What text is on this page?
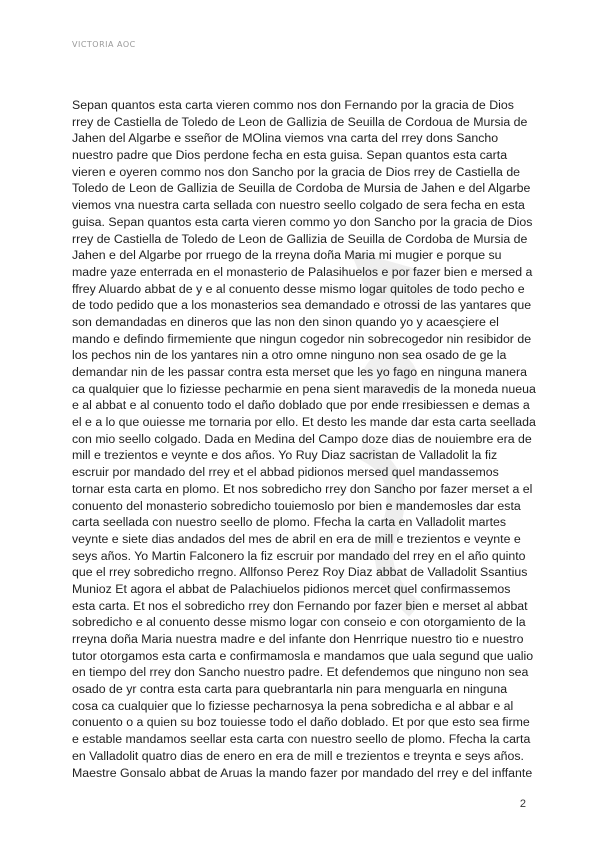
VICTORIA AOC
Sepan quantos esta carta vieren commo nos don Fernando por la gracia de Dios
rrey de Castiella de Toledo de Leon de Gallizia de Seuilla de Cordoua de Mursia de
Jahen del Algarbe e sseñor de MOlina viemos vna carta del rrey dons Sancho
nuestro padre que Dios perdone fecha en esta guisa. Sepan quantos esta carta
vieren e oyeren commo nos don Sancho por la gracia de Dios rrey de Castiella de
Toledo de Leon de Gallizia de Seuilla de Cordoba de Mursia de Jahen e del Algarbe
viemos vna nuestra carta sellada con nuestro seello colgado de sera fecha en esta
guisa. Sepan quantos esta carta vieren commo yo don Sancho por la gracia de Dios
rrey de Castiella de Toledo de Leon de Gallizia de Seuilla de Cordoba de Mursia de
Jahen e del Algarbe por rruego de la rreyna doña Maria mi mugier e porque su
madre yaze enterrada en el monasterio de Palasihuelos e por fazer bien e mersed a
ffrey Aluardo abbat de y e al conuento desse mismo logar quitoles de todo pecho e
de todo pedido que a los monasterios sea demandado e otrossi de las yantares que
son demandadas en dineros que las non den sinon quando yo y acaesçiere el
mando e defindo firmemiente que ningun cogedor nin sobrecogedor nin resibidor de
los pechos nin de los yantares nin a otro omne ninguno non sea osado de ge la
demandar nin de les passar contra esta merset que les yo fago en ninguna manera
ca qualquier que lo fiziesse pecharmie en pena sient maravedis de la moneda nueua
e al abbat e al conuento todo el daño doblado que por ende rresibiessen e demas a
el e a lo que ouiesse me tornaria por ello. Et desto les mande dar esta carta seellada
con mio seello colgado. Dada en Medina del Campo doze dias de nouiembre era de
mill e trezientos e veynte e dos años. Yo Ruy Diaz sacristan de Valladolit la fiz
escruir por mandado del rrey et el abbad pidionos mersed quel mandassemos
tornar esta carta en plomo. Et nos sobredicho rrey don Sancho por fazer merset a el
conuento del monasterio sobredicho touiemoslo por bien e mandemosles dar esta
carta seellada con nuestro seello de plomo. Ffecha la carta en Valladolit martes
veynte e siete dias andados del mes de abril en era de mill e trezientos e veynte e
seys años. Yo Martin Falconero la fiz escruir por mandado del rrey en el año quinto
que el rrey sobredicho rregno. Allfonso Perez Roy Diaz abbat de Valladolit Ssantius
Munioz Et agora el abbat de Palachiuelos pidionos mercet quel confirmassemos
esta carta. Et nos el sobredicho rrey don Fernando por fazer bien e merset al abbat
sobredicho e al conuento desse mismo logar con conseio e con otorgamiento de la
rreyna doña Maria nuestra madre e del infante don Henrrique nuestro tio e nuestro
tutor otorgamos esta carta e confirmamosla e mandamos que uala segund que ualio
en tiempo del rrey don Sancho nuestro padre. Et defendemos que ninguno non sea
osado de yr contra esta carta para quebrantarla nin para menguarla en ninguna
cosa ca cualquier que lo fiziesse pecharnosya la pena sobredicha e al abbar e al
conuento o a quien su boz touiesse todo el daño doblado. Et por que esto sea firme
e estable mandamos seellar esta carta con nuestro seello de plomo. Ffecha la carta
en Valladolit quatro dias de enero en era de mill e trezientos e treynta e seys años.
Maestre Gonsalo abbat de Aruas la mando fazer por mandado del rrey e del inffante
2
